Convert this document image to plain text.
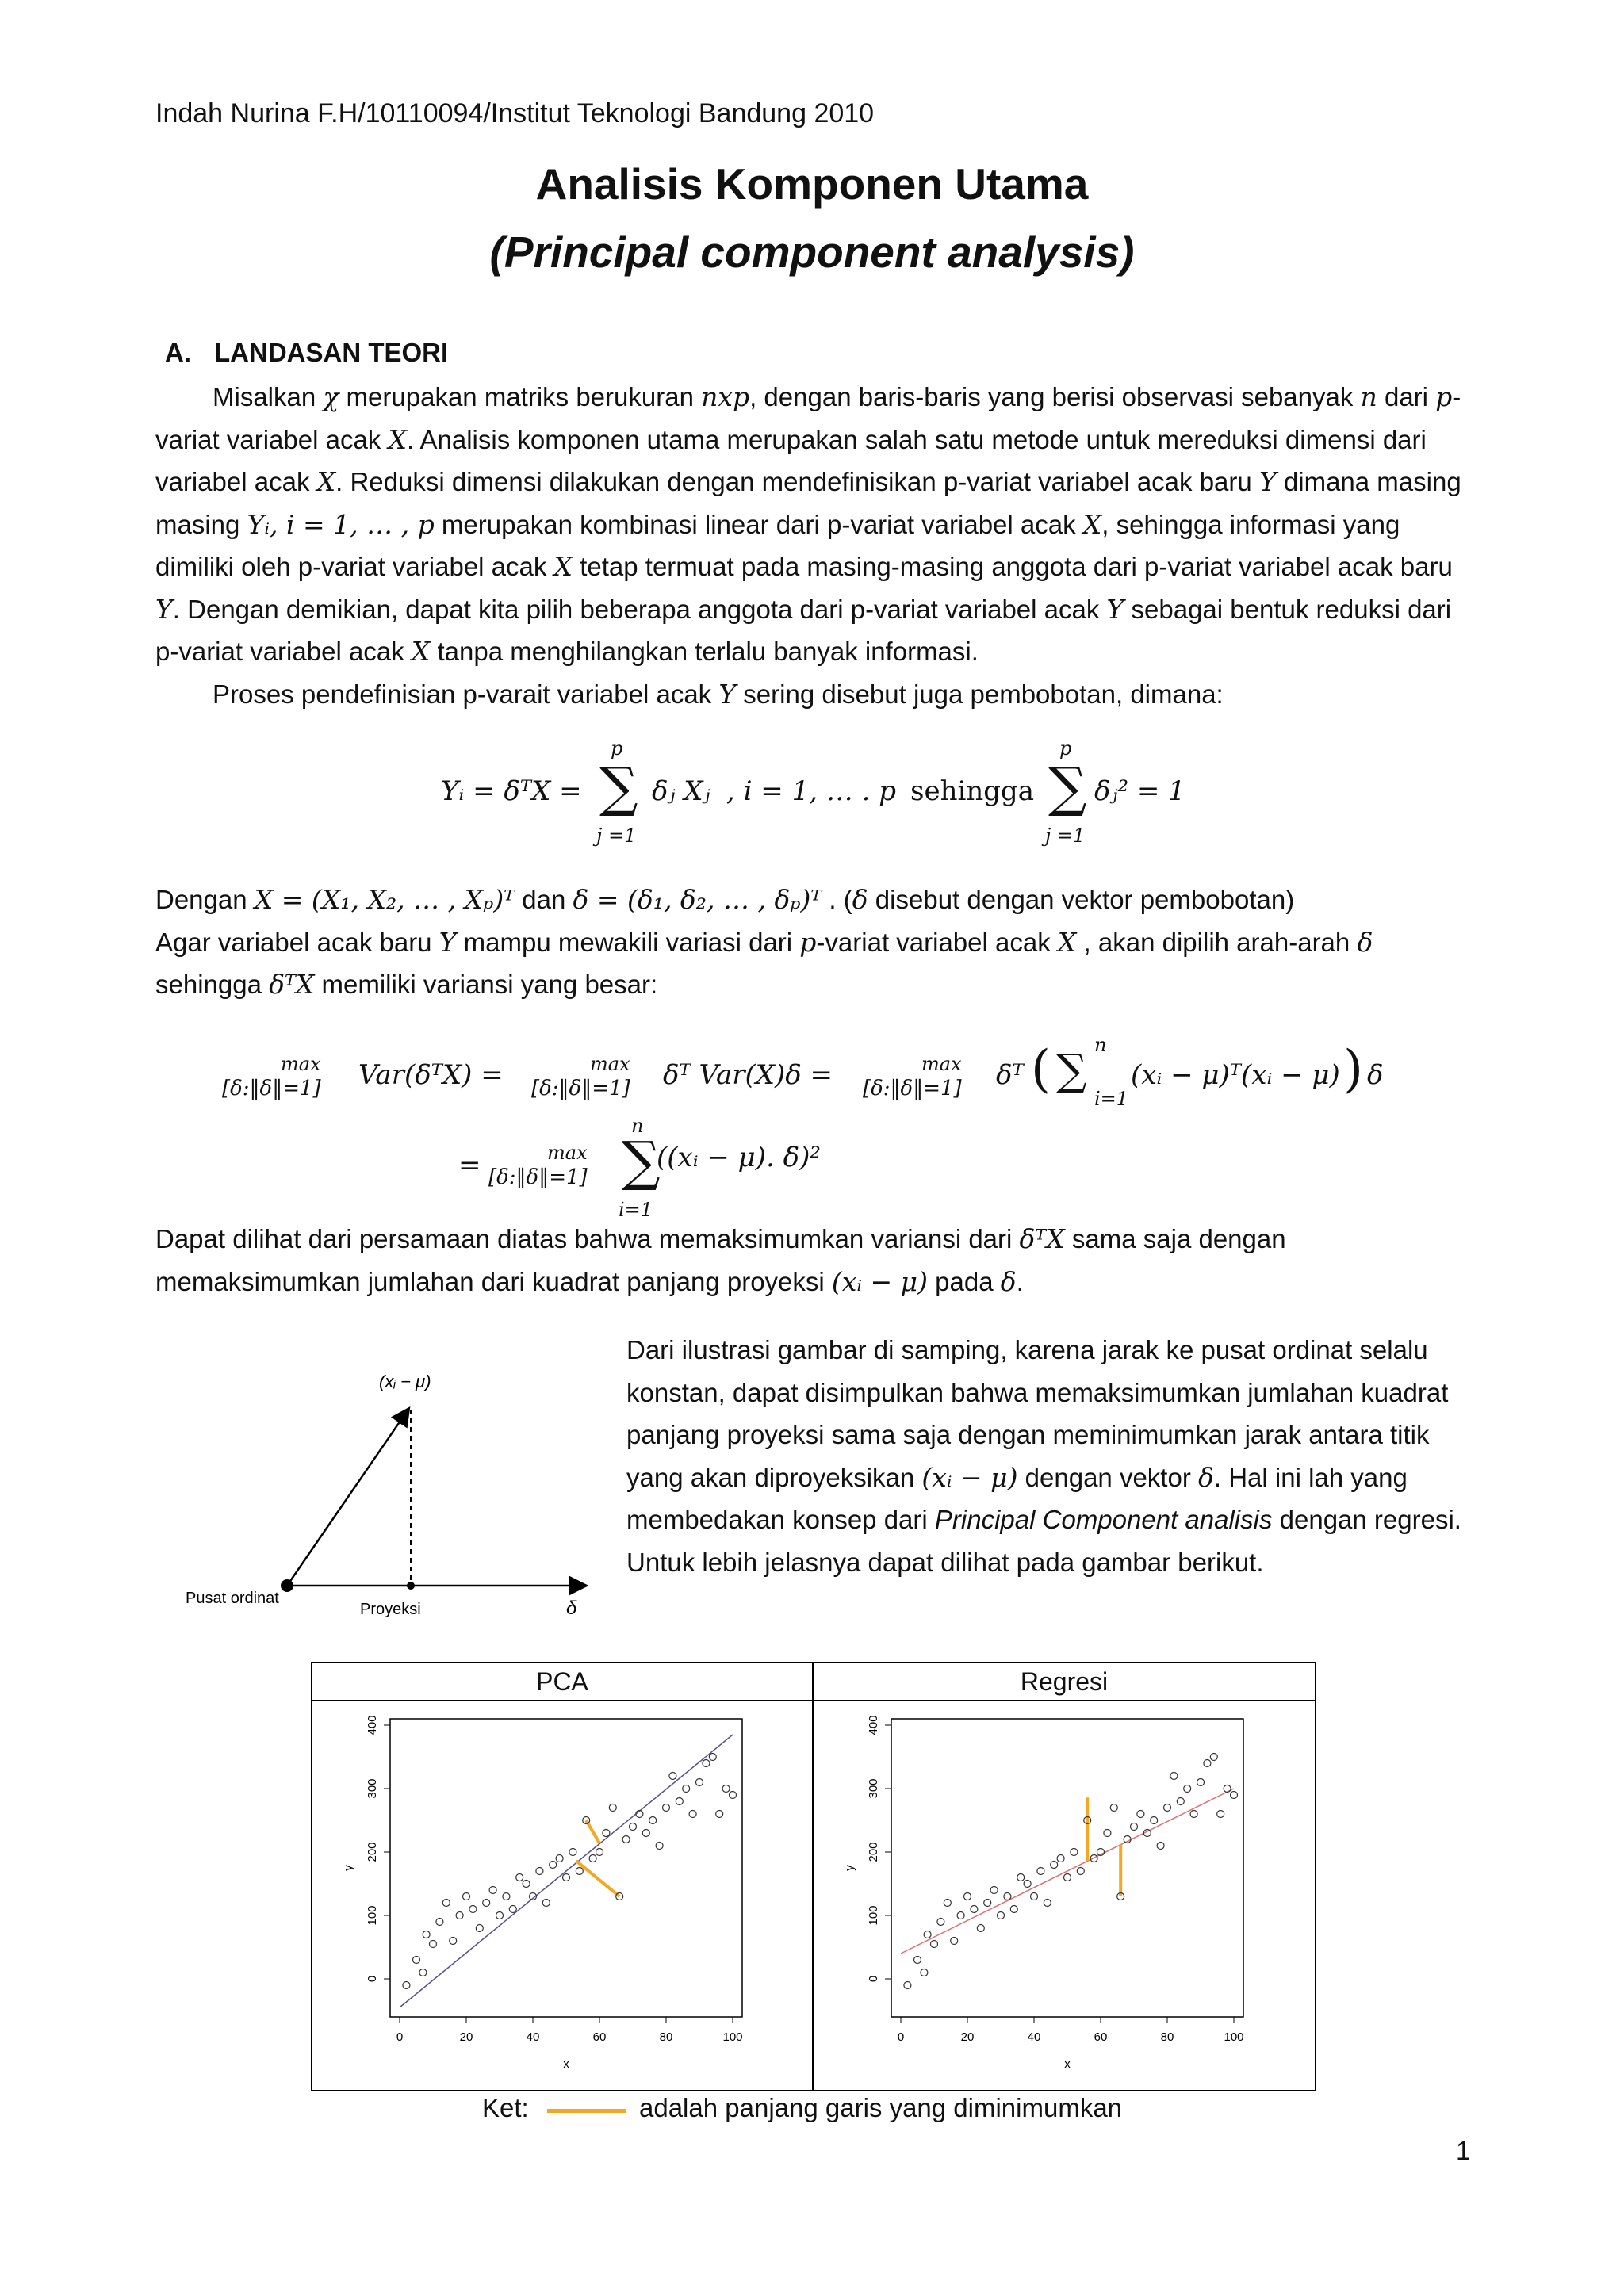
Indah Nurina F.H/10110094/Institut Teknologi Bandung 2010
Analisis Komponen Utama
(Principal component analysis)
A. LANDASAN TEORI

Misalkan χ merupakan matriks berukuran nxp, dengan baris-baris yang berisi observasi sebanyak n dari p-variat variabel acak X. Analisis komponen utama merupakan salah satu metode untuk mereduksi dimensi dari variabel acak X. Reduksi dimensi dilakukan dengan mendefinisikan p-variat variabel acak baru Y dimana masing masing Yᵢ, i = 1, … , p merupakan kombinasi linear dari p-variat variabel acak X, sehingga informasi yang dimiliki oleh p-variat variabel acak X tetap termuat pada masing-masing anggota dari p-variat variabel acak baru Y. Dengan demikian, dapat kita pilih beberapa anggota dari p-variat variabel acak Y sebagai bentuk reduksi dari p-variat variabel acak X tanpa menghilangkan terlalu banyak informasi.

Proses pendefinisian p-varait variabel acak Y sering disebut juga pembobotan, dimana:

Yᵢ = δᵀX = ∑
p
j =1
δⱼ Xⱼ , i = 1, … . p sehingga ∑
p
j =1
δⱼ² = 1

Dengan X = (X₁, X₂, … , Xₚ)ᵀ dan δ = (δ₁, δ₂, … , δₚ)ᵀ . (δ disebut dengan vektor pembobotan)

Agar variabel acak baru Y mampu mewakili variasi dari p-variat variabel acak X , akan dipilih arah-arah δ sehingga δᵀX memiliki variansi yang besar:

max
[δ:‖δ‖=1] Var(δᵀX) =	max
[δ:‖δ‖=1] δᵀ Var(X)δ =	max
[δ:‖δ‖=1] δᵀ ( ∑ n
i=1
(xᵢ − μ)ᵀ(xᵢ − μ) ) δ
=	max
[δ:‖δ‖=1] ∑
n
i=1
((xᵢ − μ). δ)²

Dapat dilihat dari persamaan diatas bahwa memaksimumkan variansi dari δᵀX sama saja dengan memaksimumkan jumlahan dari kuadrat panjang proyeksi (xᵢ − μ) pada δ.

(xᵢ − μ)
Pusat ordinat
Proyeksi	δ
Dari ilustrasi gambar di samping, karena jarak ke pusat ordinat selalu konstan, dapat disimpulkan bahwa memaksimumkan jumlahan kuadrat panjang proyeksi sama saja dengan meminimumkan jarak antara titik yang akan diproyeksikan (xᵢ − μ) dengan vektor δ. Hal ini lah yang membedakan konsep dari Principal Component analisis dengan regresi. Untuk lebih jelasnya dapat dilihat pada gambar berikut.
PCA	Regresi
0	20	40	60	80	100
0
100
200
300
400
x
y
0	20	40	60	80	100
0
100
200
300
400
x
y
Ket:	adalah panjang garis yang diminimumkan
1
